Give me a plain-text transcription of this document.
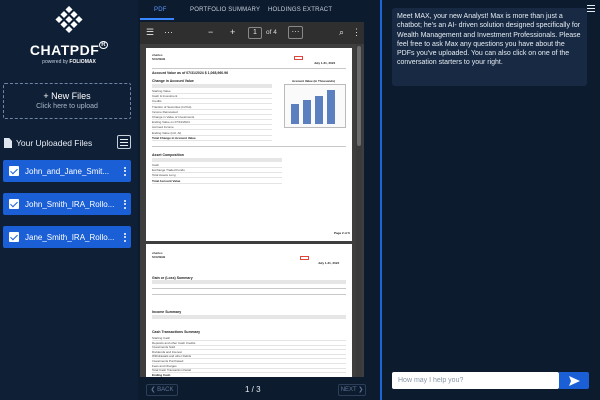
CHATPDF $^R$
powered by FOLIOMAX
+ New Files
Click here to upload
Your Uploaded Files
John_and_Jane_Smit...
John_Smith_IRA_Rollo...
Jane_Smith_IRA_Rollo...
PDF	PORTFOLIO SUMMARY HOLDINGS EXTRACT
☰ ···	− +	1	of 4	···	⌕ ⋮
charles
SCHWAB
July 1-31, 2024
Account Value as of 07/31/2024 $ 1,068,960.96
Change in Account Value	Account Value (in Thousands)
Starting Value
Cash & Investment
Credits
Transfer of Securities (In/Out)
Income Reinvested
Change in Value of Investments
Ending Value on 07/31/2024
Accrued Income
Ending Value (incl. AI)
Total Change in Account Value
Asset Composition
Cash
Exchange Traded Funds
Total Assets Long
Total Account Value
Page 2 of 6
charles
SCHWAB
July 1-31, 2024
Gain or (Loss) Summary
Income Summary
Cash Transactions Summary
Starting Cash
Deposits and other Cash Credits
Investments Sold
Dividends and Interest
Withdrawals and other Debits
Investments Purchased
Fees and Charges
Total Cash Transaction Detail
Ending Cash
❮ BACK	1 / 3	NEXT ❯
Meet MAX, your new Analyst! Max is more than just a chatbot; he's an AI- driven solution designed specifically for Wealth Management and Investment Professionals. Please feel free to ask Max any questions you have about the PDFs you've uploaded. You can also click on one of the conversation starters to your right.
How may I help you?
